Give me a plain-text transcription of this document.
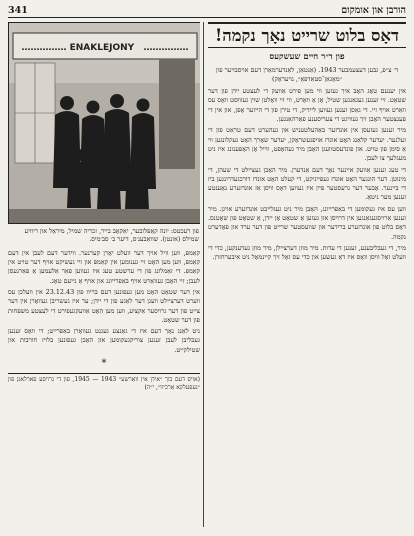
341	הורבן און אומקום
…………… ENAKLEJONY   ……………
פון רעכטס: יונה קאַפּלובער, יאַקאָב בייר, זכריה שמיל, מיראָל און ריוויע שמילס (אונטן). שוואַבענ׳ס, דיער ב׳ סב׳מיס.

קאַמפּ, ווען וויל אויך דער וועלט יאָרן קערנער. ווידער דעם לעבן אין דעם קאַמפּ, ווען מען האָט זיי גענומען אין קאַמפּ און זיי געשיקט אויף דער טויט אין קאַמפּ. די זאַמלונג פון די ערשטע טעג איז געווען פאַר אַלעמען אַ פאַרגעסן לעבן; זיי האָבן געוואַרט אויף באַפרייונג און אויף אַ נייעם טאָג.

אין דער שטאָט האָט מען געפונען דעם בריוו פון 23.12.43 אין וועלכן עס ווערט דערציילט וועגן דער לאַגע פון די יידן; ער איז געשריבן געוואָרן אין דער צייט פון דער גרויסער אַקציע, ווען מען האָט אַוועקגעפירט די לעצטע משפּחות פון דער שטאָט.

ניט לאַנג נאָך דעם איז די גאַנצע געגנט געוואָרן באַפרייט; די וואָס זענען געבליבן לעבן זענען צוריקגעקומען און האָבן געפונען בלויז חורבות און שטילקייט.

*
(אויס דעם בוך ״אידן אין וואַרשע״ 1943 — 1945, פון די גרויסע פארלאגן פון ״נעפעלקא אַרכיוו״, י״ה)
דאָס בלוט שרייט נאָך נקמה!
פון ד״ר חיים שעשקעס
ד׳ צ״פ, גבען דעצעמבער 1943. (אַנטאַן, לאַנדערמאַרן דעם אויסבויער פון ״מאָגאַן־סטאַדפּאָ״, נויעראָק)

אין יענעם טאָג האָב איך געזען ווי מען פירט אַוועק די לעצטע יידן פון דער שטאָט. זיי זענען געגאַנגען שטיל, אָן אַ וואָרט, ווי זיי וואָלטן שוין געוווּסט וואָס עס וואַרט אויף זיי. די גאַסן זענען געווען ליידיק, די טירן פון די הייזער אָפן, און אין די פענצטער האָבן זיך געוויגט די צעריסענע פאָרהאַנגען.

מיר זענען געזעסן אין אונדזער באַהעלטעניש און געהערט דעם טראַט פון די זעלנער. יעדער קלאַנג האָט אונדז אויפגעשראָקן, יעדער שאָרך האָט געקלונגען ווי אַ סימן פון טויט. און פונדעסטוועגן האָבן מיר געהאָפט, ווייל אָן האָפענונג איז ניט מעגלעך צו לעבן.

די טעג זענען אַוועק איינער נאָך דעם אַנדערן. מיר האָבן געציילט די שעהן, די מינוטן. דער הונגער האָט אונדז געפּייניקט, די קעלט האָט אונדז דורכגעדרונגען ביז די ביינער. אָבער דער גרעסטער פּײן איז געווען דאָס וויסן אַז אונדזערע נאָענטע זענען מער ניטאָ.

ווען עס איז געקומען די באַפרייונג, האָבן מיר ניט געגלייבט אונדזערע אויגן. מיר זענען אַרויסגעגאַנגען אין דרויסן און געזען אַ שטאָט אָן יידן, אַ שטאָט פון שאָטנס. דאָס בלוט פון אונדזערע ברידער און שוועסטער שרייט פון דער ערד און פאָדערט נקמה.

מיר, די געבליבענע, זענען די עדות. מיר מוזן דערציילן, מיר מוזן געדענקען, כדי די וועלט זאָל וויסן וואָס איז דאָ געשען און כדי עס זאָל זיך קיינמאָל ניט איבערחזרן.
